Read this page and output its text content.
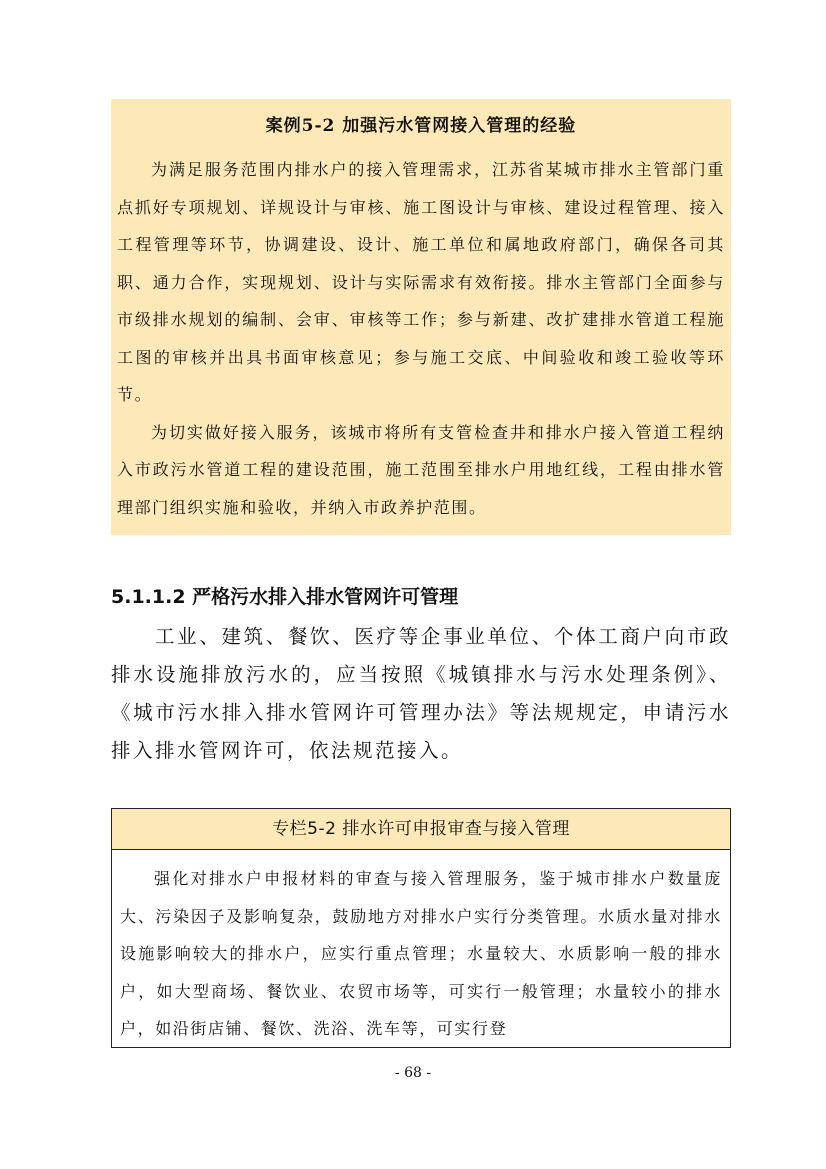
案例5-2 加强污水管网接入管理的经验

为满足服务范围内排水户的接入管理需求，江苏省某城市排水主管部门重点抓好专项规划、详规设计与审核、施工图设计与审核、建设过程管理、接入工程管理等环节，协调建设、设计、施工单位和属地政府部门，确保各司其职、通力合作，实现规划、设计与实际需求有效衔接。排水主管部门全面参与市级排水规划的编制、会审、审核等工作；参与新建、改扩建排水管道工程施工图的审核并出具书面审核意见；参与施工交底、中间验收和竣工验收等环节。

为切实做好接入服务，该城市将所有支管检查井和排水户接入管道工程纳入市政污水管道工程的建设范围，施工范围至排水户用地红线，工程由排水管理部门组织实施和验收，并纳入市政养护范围。

5.1.1.2 严格污水排入排水管网许可管理

工业、建筑、餐饮、医疗等企事业单位、个体工商户向市政排水设施排放污水的，应当按照《城镇排水与污水处理条例》、《城市污水排入排水管网许可管理办法》等法规规定，申请污水排入排水管网许可，依法规范接入。

专栏5-2 排水许可申报审查与接入管理

强化对排水户申报材料的审查与接入管理服务，鉴于城市排水户数量庞大、污染因子及影响复杂，鼓励地方对排水户实行分类管理。水质水量对排水设施影响较大的排水户，应实行重点管理；水量较大、水质影响一般的排水户，如大型商场、餐饮业、农贸市场等，可实行一般管理；水量较小的排水户，如沿街店铺、餐饮、洗浴、洗车等，可实行登

- 68 -
